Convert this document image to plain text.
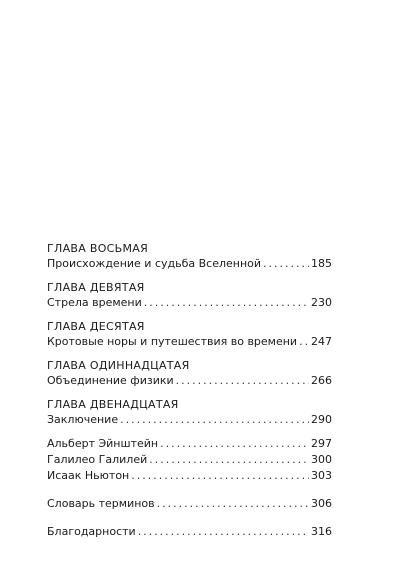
ГЛАВА ВОСЬМАЯ
Происхождение и судьба Вселенной .....	185
ГЛАВА ДЕВЯТАЯ
Стрела времени .....	230
ГЛАВА ДЕСЯТАЯ
Кротовые норы и путешествия во времени ..... 247
ГЛАВА ОДИННАДЦАТАЯ
Объединение физики .....	266
ГЛАВА ДВЕНАДЦАТАЯ
Заключение .....	290
Альберт Эйнштейн .....	297
Галилео Галилей .....	300
Исаак Ньютон .....	303
Словарь терминов .....	306
Благодарности .....	316
